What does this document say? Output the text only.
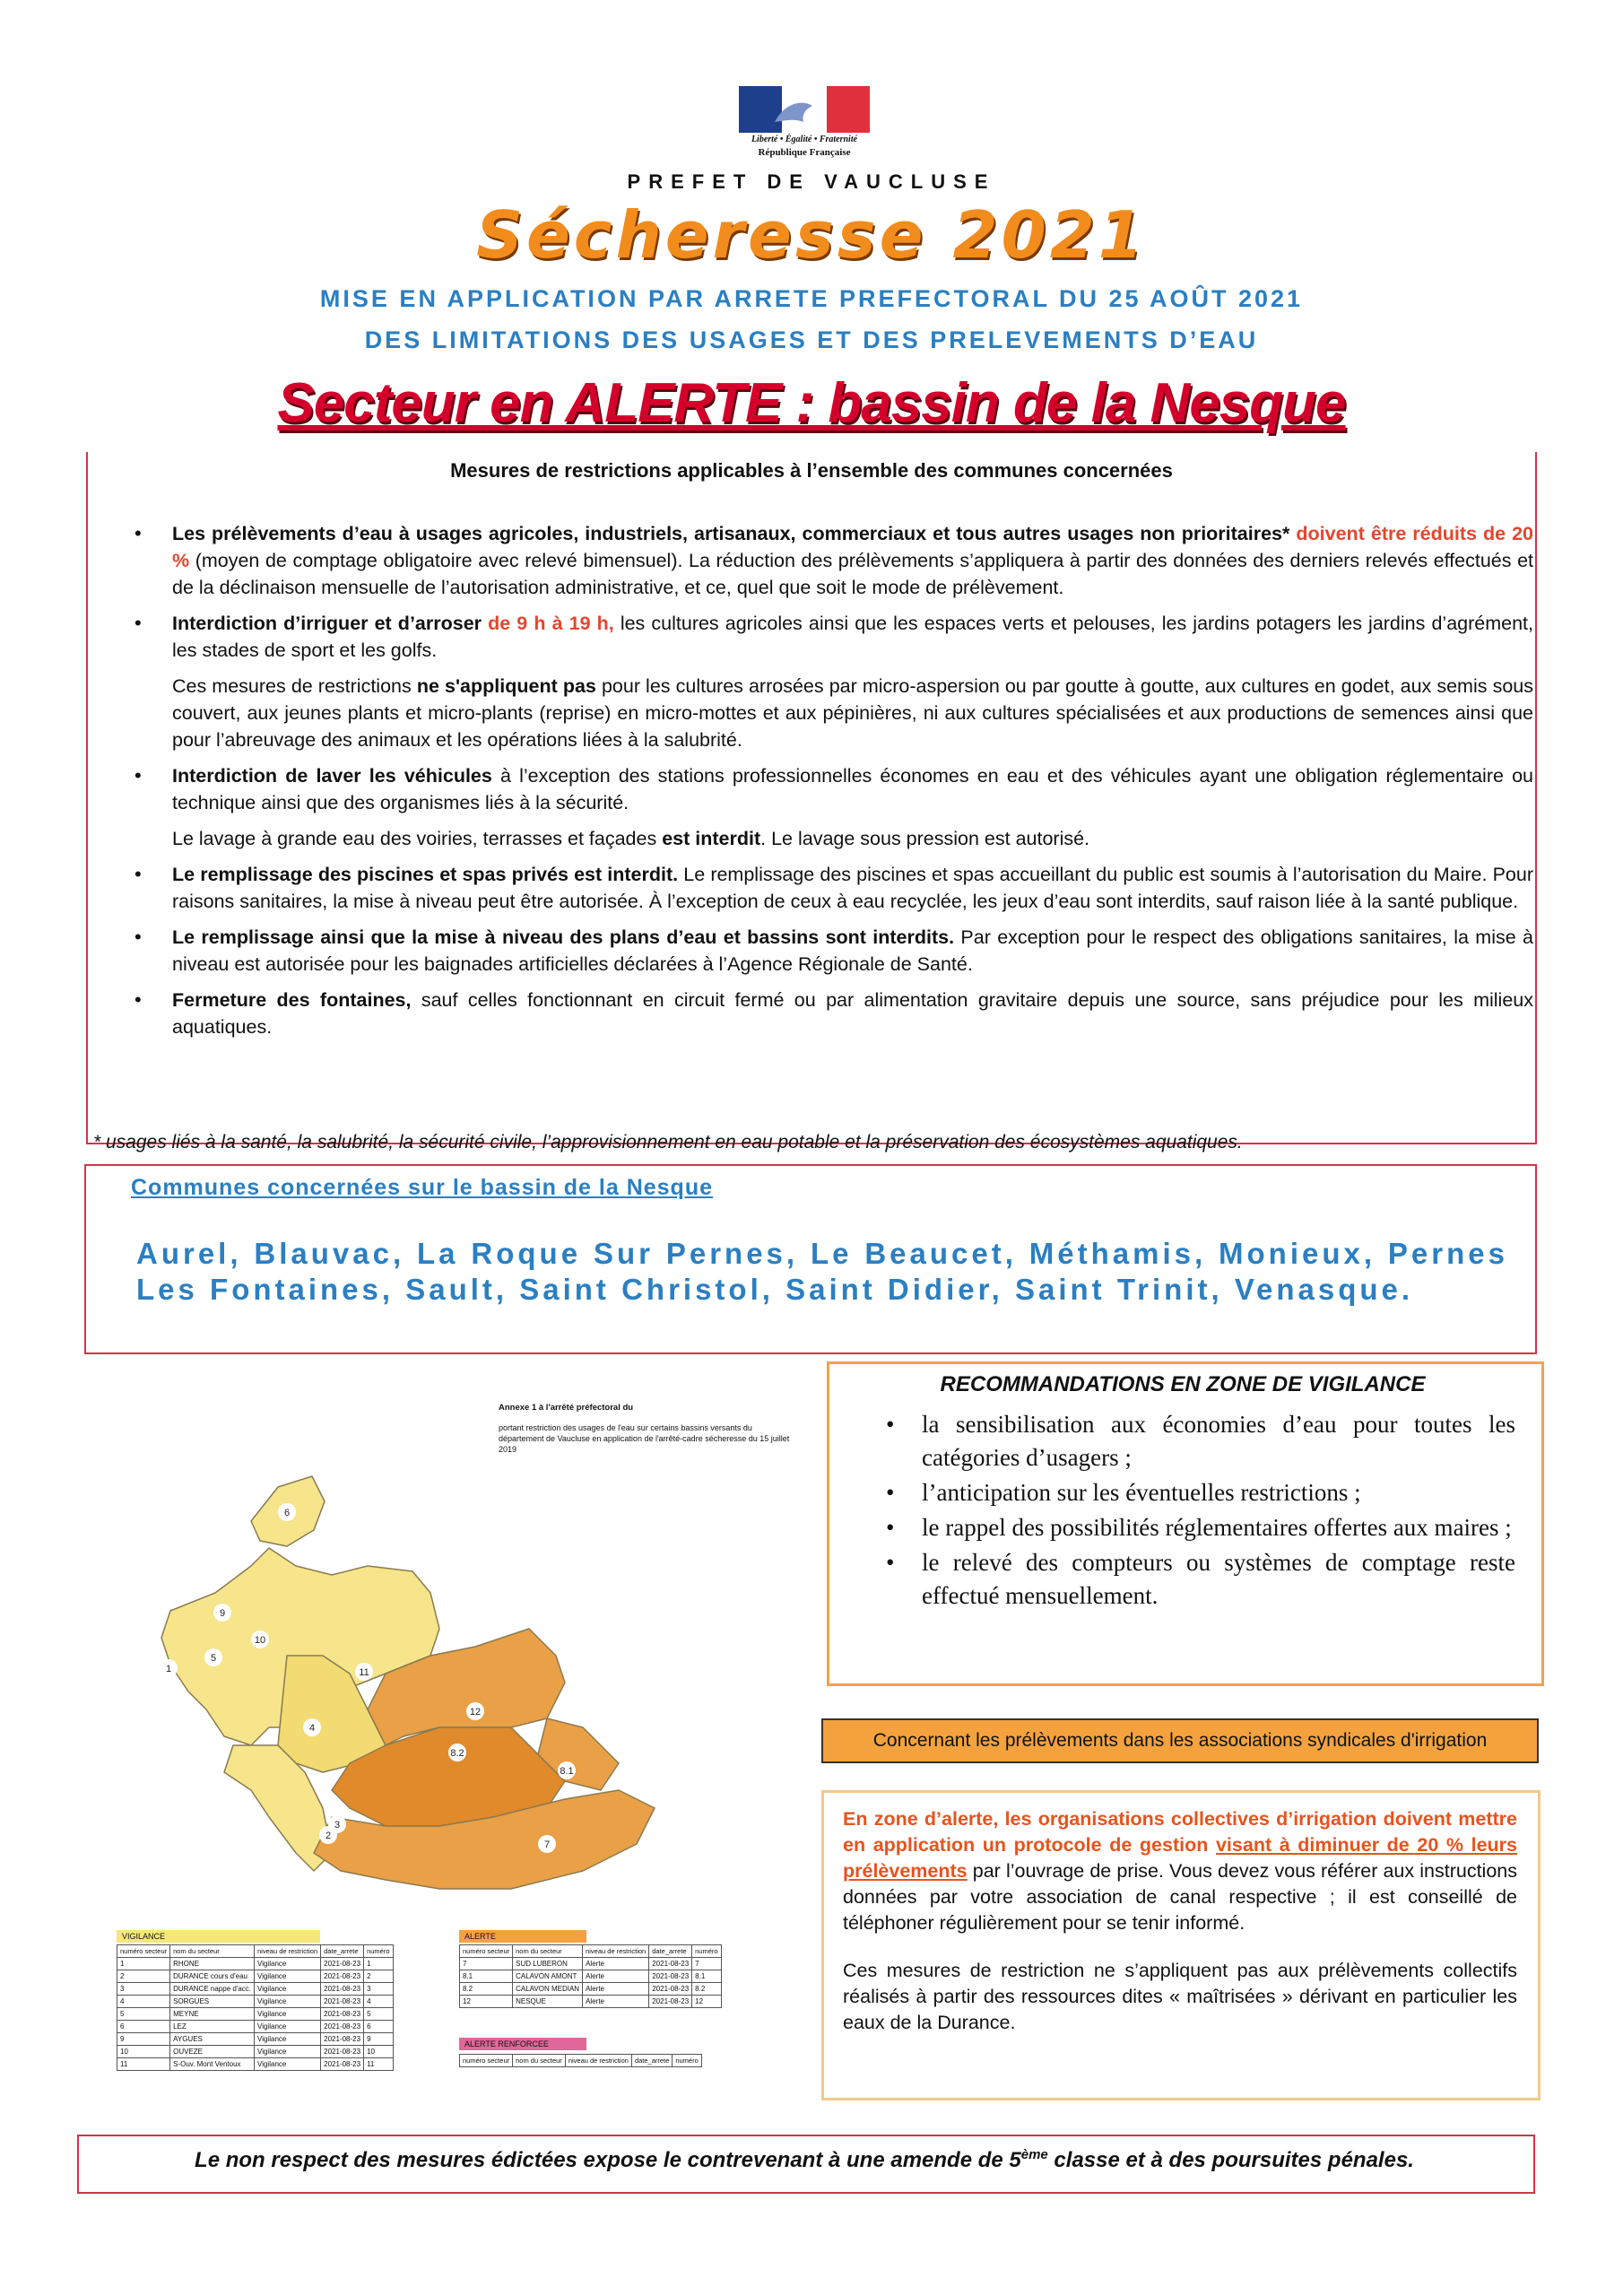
Liberté • Égalité • Fraternité
République Française
PREFET DE VAUCLUSE
Sécheresse 2021
MISE EN APPLICATION PAR ARRETE PREFECTORAL DU 25 AOÛT 2021
DES LIMITATIONS DES USAGES ET DES PRELEVEMENTS D’EAU
Secteur en ALERTE : bassin de la Nesque
Mesures de restrictions applicables à l’ensemble des communes concernées
• Les prélèvements d’eau à usages agricoles, industriels, artisanaux, commerciaux et tous autres usages non prioritaires* doivent être réduits de 20 % (moyen de comptage obligatoire avec relevé bimensuel). La réduction des prélèvements s’appliquera à partir des données des derniers relevés effectués et de la déclinaison mensuelle de l’autorisation administrative, et ce, quel que soit le mode de prélèvement.
• Interdiction d’irriguer et d’arroser de 9 h à 19 h, les cultures agricoles ainsi que les espaces verts et pelouses, les jardins potagers les jardins d’agrément, les stades de sport et les golfs.
Ces mesures de restrictions ne s'appliquent pas pour les cultures arrosées par micro-aspersion ou par goutte à goutte, aux cultures en godet, aux semis sous couvert, aux jeunes plants et micro-plants (reprise) en micro-mottes et aux pépinières, ni aux cultures spécialisées et aux productions de semences ainsi que pour l’abreuvage des animaux et les opérations liées à la salubrité.
• Interdiction de laver les véhicules à l’exception des stations professionnelles économes en eau et des véhicules ayant une obligation réglementaire ou technique ainsi que des organismes liés à la sécurité.
Le lavage à grande eau des voiries, terrasses et façades est interdit. Le lavage sous pression est autorisé.
• Le remplissage des piscines et spas privés est interdit. Le remplissage des piscines et spas accueillant du public est soumis à l’autorisation du Maire. Pour raisons sanitaires, la mise à niveau peut être autorisée. À l’exception de ceux à eau recyclée, les jeux d’eau sont interdits, sauf raison liée à la santé publique.
• Le remplissage ainsi que la mise à niveau des plans d’eau et bassins sont interdits. Par exception pour le respect des obligations sanitaires, la mise à niveau est autorisée pour les baignades artificielles déclarées à l’Agence Régionale de Santé.
• Fermeture des fontaines, sauf celles fonctionnant en circuit fermé ou par alimentation gravitaire depuis une source, sans préjudice pour les milieux aquatiques.
* usages liés à la santé, la salubrité, la sécurité civile, l’approvisionnement en eau potable et la préservation des écosystèmes aquatiques.
Communes concernées sur le bassin de la Nesque
Aurel, Blauvac, La Roque Sur Pernes, Le Beaucet, Méthamis, Monieux, Pernes Les Fontaines, Sault, Saint Christol, Saint Didier, Saint Trinit, Venasque.
6
9
10
5
1	11
12
4
8.2
8.1
3
2
7
Annexe 1 à l'arrêté préfectoral du
portant restriction des usages de l'eau sur certains bassins versants du département de Vaucluse en application de l'arrêté-cadre sécheresse du 15 juillet 2019
RECOMMANDATIONS EN ZONE DE VIGILANCE
• la sensibilisation aux économies d’eau pour toutes les catégories d’usagers ;
• l’anticipation sur les éventuelles restrictions ;
• le rappel des possibilités réglementaires offertes aux maires ;
• le relevé des compteurs ou systèmes de comptage reste effectué mensuellement.
Concernant les prélèvements dans les associations syndicales d'irrigation

En zone d’alerte, les organisations collectives d’irrigation doivent mettre en application un protocole de gestion visant à diminuer de 20 % leurs prélèvements par l’ouvrage de prise. Vous devez vous référer aux instructions données par votre association de canal respective ; il est conseillé de téléphoner régulièrement pour se tenir informé.

Ces mesures de restriction ne s’appliquent pas aux prélèvements collectifs réalisés à partir des ressources dites « maîtrisées » dérivant en particulier les eaux de la Durance.

VIGILANCE
numéro secteur	nom du secteur	niveau de restriction	date_arrete	numéro
1	RHONE	Vigilance	2021-08-23	1
2	DURANCE cours d'eau	Vigilance	2021-08-23	2
3	DURANCE nappe d'acc.	Vigilance	2021-08-23	3
4	SORGUES	Vigilance	2021-08-23	4
5	MEYNE	Vigilance	2021-08-23	5
6	LEZ	Vigilance	2021-08-23	6
9	AYGUES	Vigilance	2021-08-23	9
10	OUVEZE	Vigilance	2021-08-23	10
11	S-Ouv. Mont Ventoux	Vigilance	2021-08-23	11
ALERTE
numéro secteur	nom du secteur	niveau de restriction	date_arrete	numéro
7	SUD LUBERON	Alerte	2021-08-23	7
8.1	CALAVON AMONT	Alerte	2021-08-23	8.1
8.2	CALAVON MEDIAN	Alerte	2021-08-23	8.2
12	NESQUE	Alerte	2021-08-23	12
ALERTE RENFORCEE
numéro secteur	nom du secteur	niveau de restriction	date_arrete	numéro
Le non respect des mesures édictées expose le contrevenant à une amende de 5ème classe et à des poursuites pénales.
